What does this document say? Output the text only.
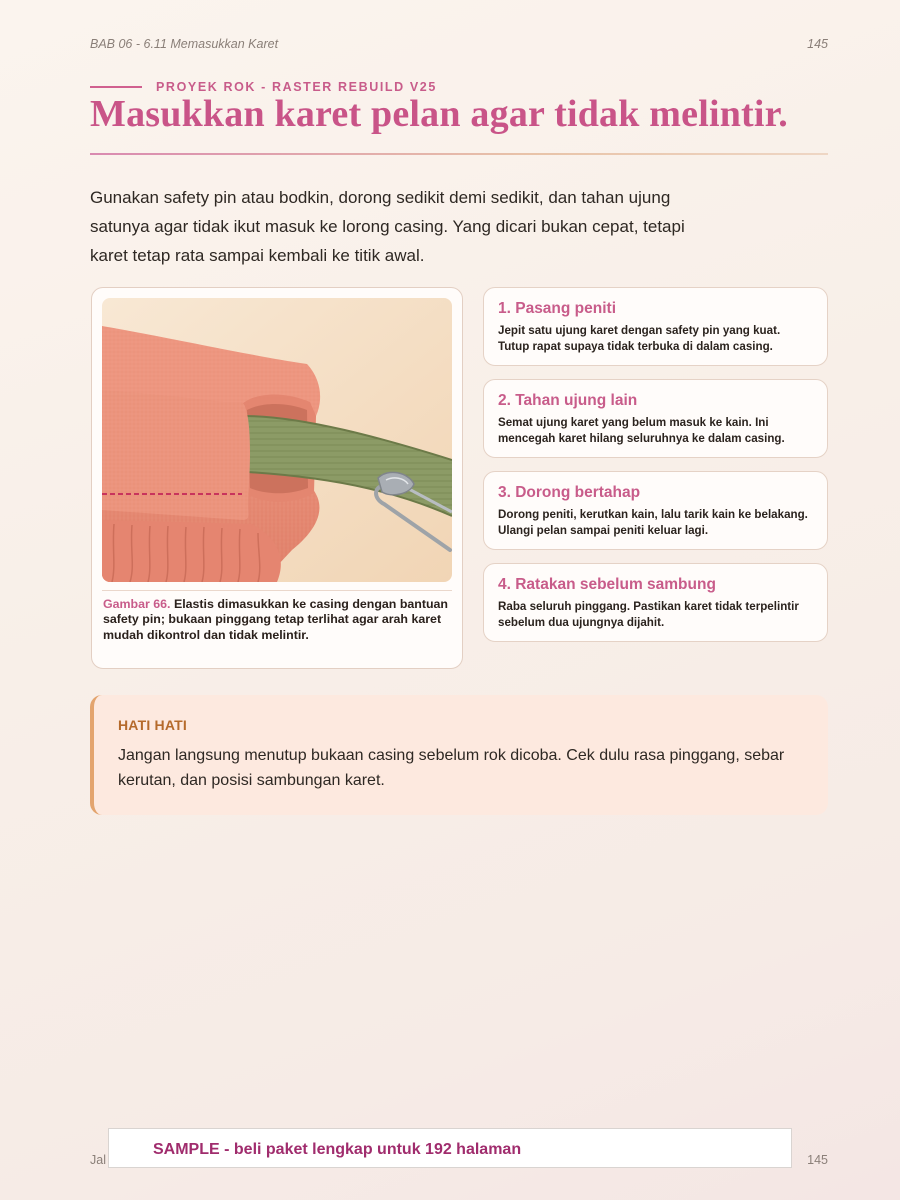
BAB 06 - 6.11 Memasukkan Karet	145
PROYEK ROK - RASTER REBUILD V25
Masukkan karet pelan agar tidak melintir.

Gunakan safety pin atau bodkin, dorong sedikit demi sedikit, dan tahan ujung satunya agar tidak ikut masuk ke lorong casing. Yang dicari bukan cepat, tetapi karet tetap rata sampai kembali ke titik awal.

Gambar 66. Elastis dimasukkan ke casing dengan bantuan safety pin; bukaan pinggang tetap terlihat agar arah karet mudah dikontrol dan tidak melintir.

1. Pasang peniti

Jepit satu ujung karet dengan safety pin yang kuat. Tutup rapat supaya tidak terbuka di dalam casing.

2. Tahan ujung lain

Semat ujung karet yang belum masuk ke kain. Ini mencegah karet hilang seluruhnya ke dalam casing.

3. Dorong bertahap

Dorong peniti, kerutkan kain, lalu tarik kain ke belakang. Ulangi pelan sampai peniti keluar lagi.

4. Ratakan sebelum sambung

Raba seluruh pinggang. Pastikan karet tidak terpelintir sebelum dua ujungnya dijahit.

HATI HATI

Jangan langsung menutup bukaan casing sebelum rok dicoba. Cek dulu rasa pinggang, sebar kerutan, dan posisi sambungan karet.

Jal	145
SAMPLE - beli paket lengkap untuk 192 halaman
